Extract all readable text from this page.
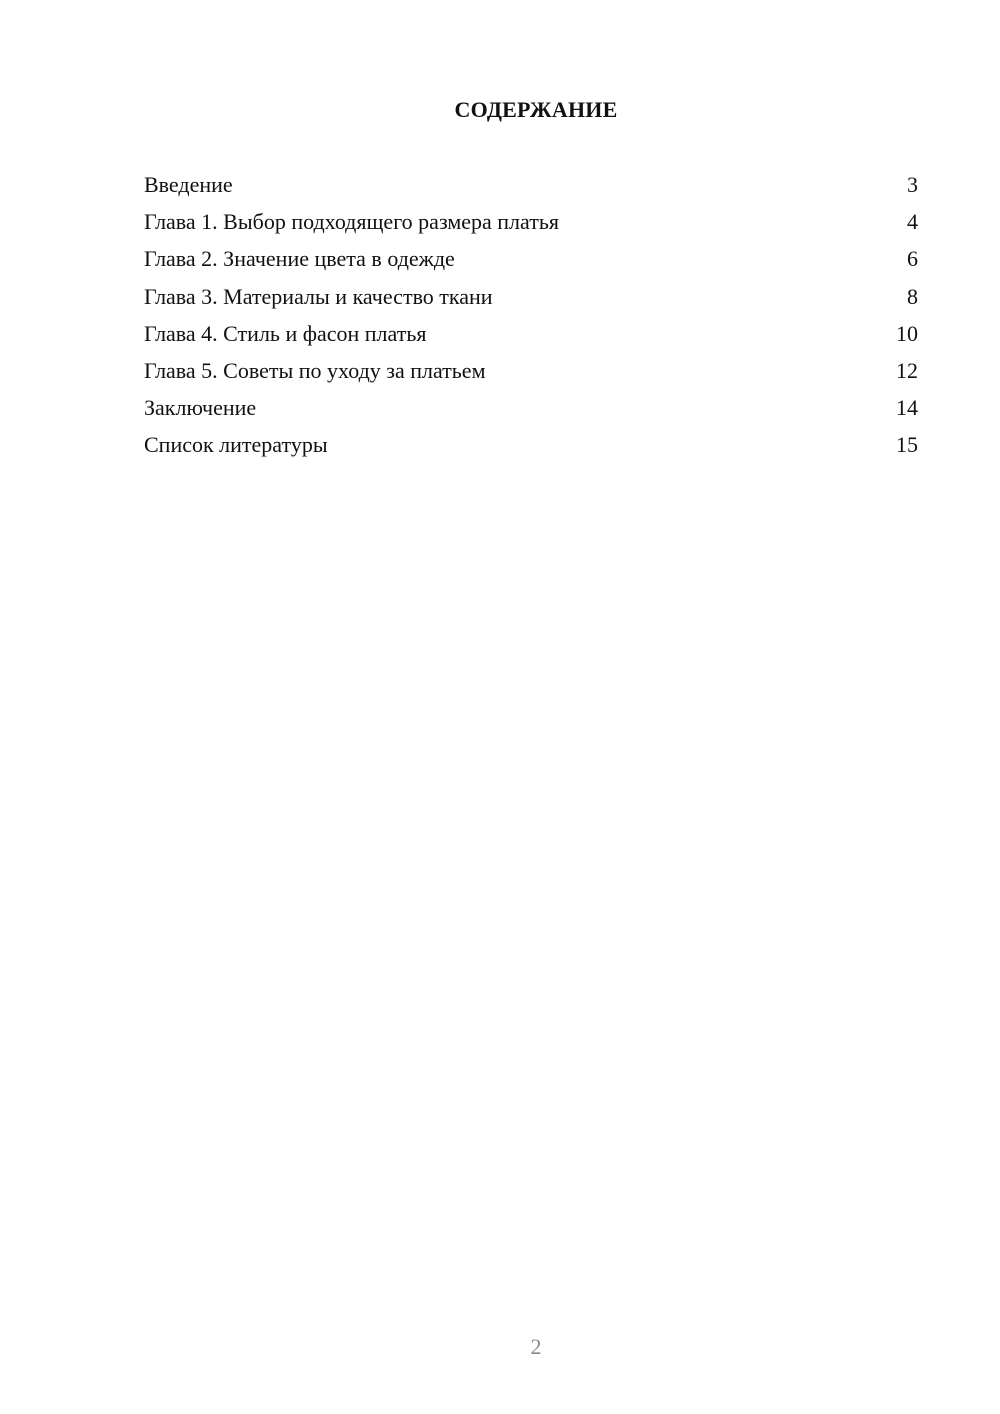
СОДЕРЖАНИЕ
Введение	3
Глава 1. Выбор подходящего размера платья	4
Глава 2. Значение цвета в одежде	6
Глава 3. Материалы и качество ткани	8
Глава 4. Стиль и фасон платья	10
Глава 5. Советы по уходу за платьем	12
Заключение	14
Список литературы	15
2
